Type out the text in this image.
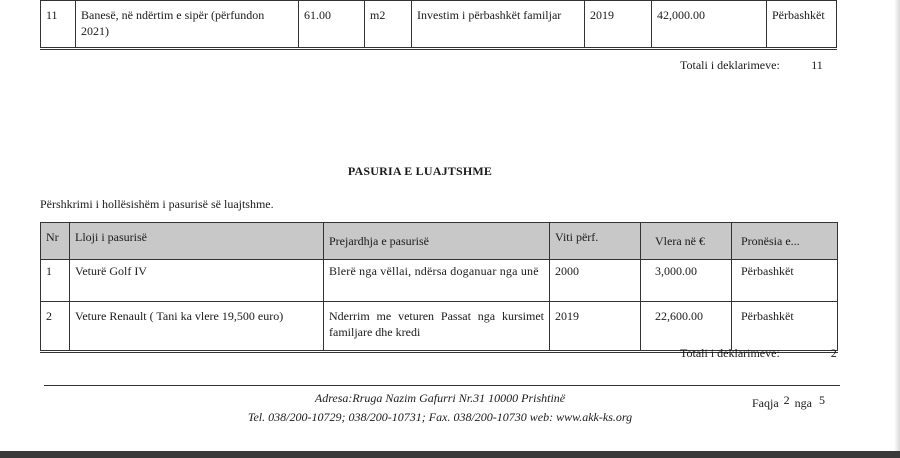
11	Banesë, në ndërtim e sipër (përfundon 2021)	61.00	m2	Investim i përbashkët familjar	2019	42,000.00	Përbashkët
Totali i deklarimeve:	11
PASURIA E LUAJTSHME
Përshkrimi i hollësishëm i pasurisë së luajtshme.
Nr	Lloji i pasurisë	Prejardhja e pasurisë	Viti përf.	Vlera në €	Pronësia e...
1	Veturë Golf IV	Blerë nga vëllai, ndërsa doganuar nga unë	2000	3,000.00	Përbashkët
2	Veture Renault ( Tani ka vlere 19,500 euro)	Nderrim me veturen Passat nga kursimet familjare dhe kredi	2019	22,600.00	Përbashkët
Totali i deklarimeve:	2
Adresa:Rruga Nazim Gafurri Nr.31 10000 Prishtinë
Tel. 038/200-10729; 038/200-10731; Fax. 038/200-10730 web: www.akk-ks.org
Faqja 2 nga 5
